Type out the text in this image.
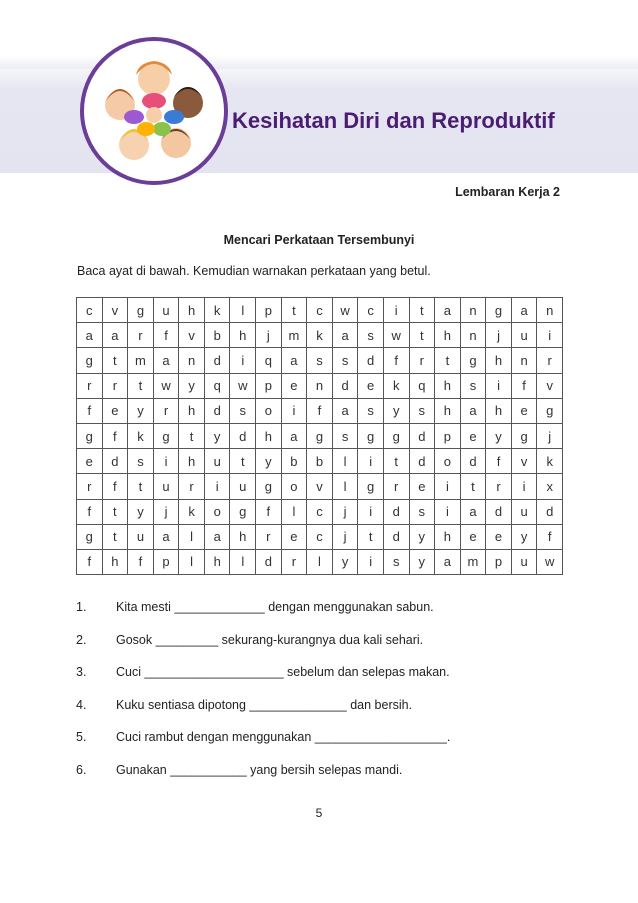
Kesihatan Diri dan Reproduktif
Lembaran Kerja 2
Mencari Perkataan Tersembunyi
Baca ayat di bawah. Kemudian warnakan perkataan yang betul.
c	v	g	u	h	k	l	p	t	c	w	c	i	t	a	n	g	a	n
a	a	r	f	v	b	h	j	m	k	a	s	w	t	h	n	j	u	i
g	t	m	a	n	d	i	q	a	s	s	d	f	r	t	g	h	n	r
r	r	t	w	y	q	w	p	e	n	d	e	k	q	h	s	i	f	v
f	e	y	r	h	d	s	o	i	f	a	s	y	s	h	a	h	e	g
g	f	k	g	t	y	d	h	a	g	s	g	g	d	p	e	y	g	j
e	d	s	i	h	u	t	y	b	b	l	i	t	d	o	d	f	v	k
r	f	t	u	r	i	u	g	o	v	l	g	r	e	i	t	r	i	x
f	t	y	j	k	o	g	f	l	c	j	i	d	s	i	a	d	u	d
g	t	u	a	l	a	h	r	e	c	j	t	d	y	h	e	e	y	f
f	h	f	p	l	h	l	d	r	l	y	i	s	y	a	m	p	u	w
1. Kita mesti _____________ dengan menggunakan sabun.
2. Gosok _________ sekurang-kurangnya dua kali sehari.
3. Cuci ____________________ sebelum dan selepas makan.
4. Kuku sentiasa dipotong ______________ dan bersih.
5. Cuci rambut dengan menggunakan ___________________.
6. Gunakan ___________ yang bersih selepas mandi.
5
